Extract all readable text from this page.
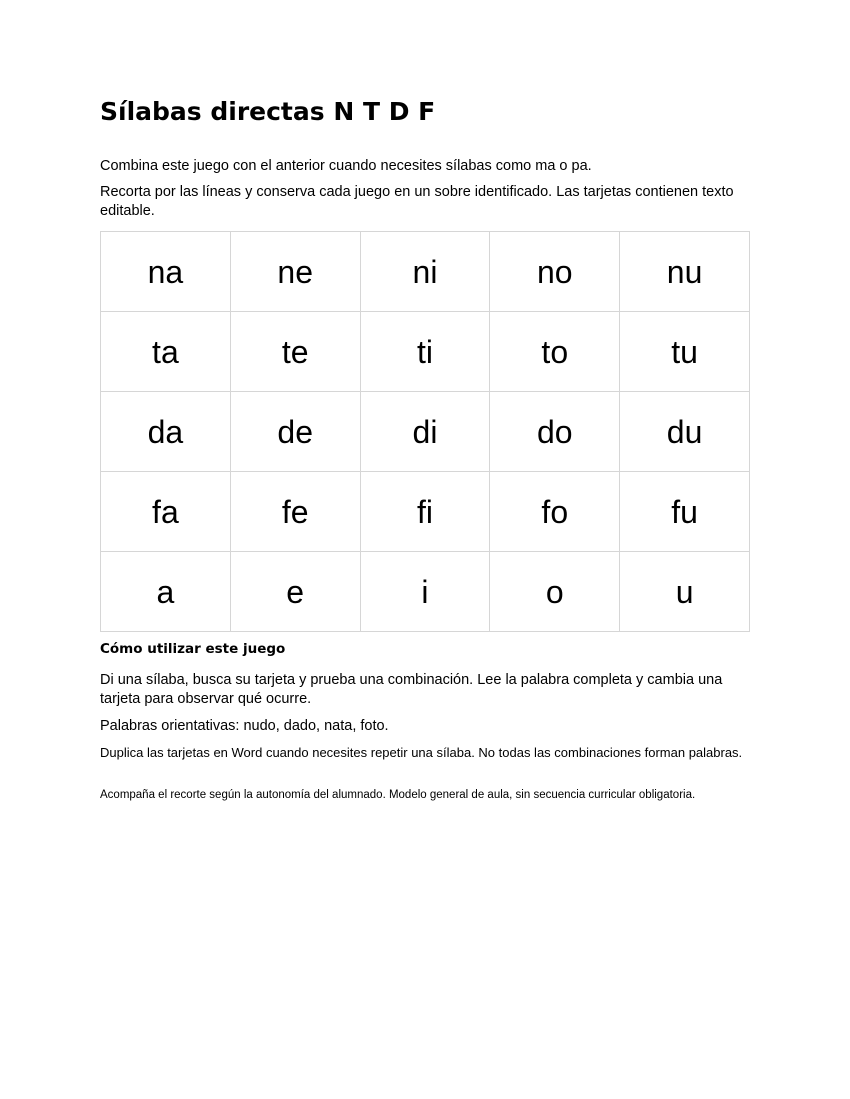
Sílabas directas N T D F

Combina este juego con el anterior cuando necesites sílabas como ma o pa.

Recorta por las líneas y conserva cada juego en un sobre identificado. Las tarjetas contienen texto editable.

na	ne	ni	no	nu
ta	te	ti	to	tu
da	de	di	do	du
fa	fe	fi	fo	fu
a	e	i	o	u
Cómo utilizar este juego

Di una sílaba, busca su tarjeta y prueba una combinación. Lee la palabra completa y cambia una tarjeta para observar qué ocurre.

Palabras orientativas: nudo, dado, nata, foto.

Duplica las tarjetas en Word cuando necesites repetir una sílaba. No todas las combinaciones forman palabras.

Acompaña el recorte según la autonomía del alumnado. Modelo general de aula, sin secuencia curricular obligatoria.
